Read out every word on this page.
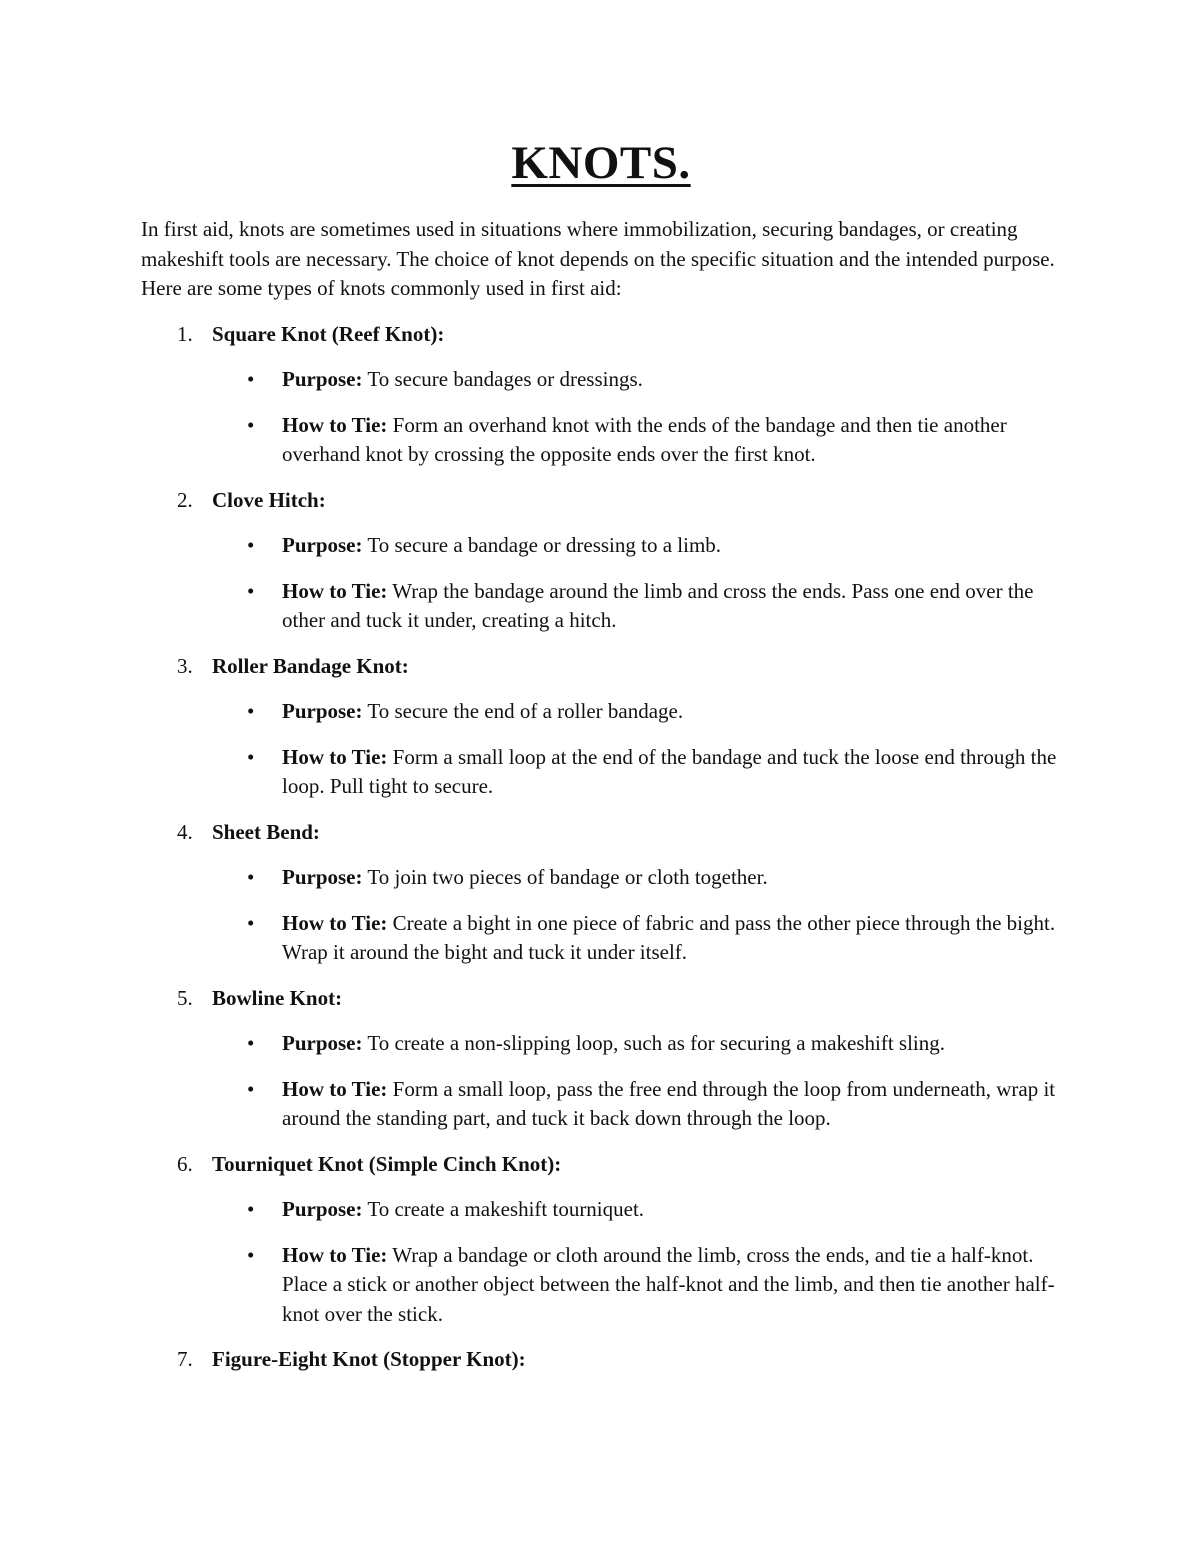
KNOTS.

In first aid, knots are sometimes used in situations where immobilization, securing bandages, or creating makeshift tools are necessary. The choice of knot depends on the specific situation and the intended purpose. Here are some types of knots commonly used in first aid:

1. Square Knot (Reef Knot):
• Purpose: To secure bandages or dressings.
• How to Tie: Form an overhand knot with the ends of the bandage and then tie another overhand knot by crossing the opposite ends over the first knot.
2. Clove Hitch:
• Purpose: To secure a bandage or dressing to a limb.
• How to Tie: Wrap the bandage around the limb and cross the ends. Pass one end over the other and tuck it under, creating a hitch.
3. Roller Bandage Knot:
• Purpose: To secure the end of a roller bandage.
• How to Tie: Form a small loop at the end of the bandage and tuck the loose end through the loop. Pull tight to secure.
4. Sheet Bend:
• Purpose: To join two pieces of bandage or cloth together.
• How to Tie: Create a bight in one piece of fabric and pass the other piece through the bight. Wrap it around the bight and tuck it under itself.
5. Bowline Knot:
• Purpose: To create a non-slipping loop, such as for securing a makeshift sling.
• How to Tie: Form a small loop, pass the free end through the loop from underneath, wrap it around the standing part, and tuck it back down through the loop.
6. Tourniquet Knot (Simple Cinch Knot):
• Purpose: To create a makeshift tourniquet.
• How to Tie: Wrap a bandage or cloth around the limb, cross the ends, and tie a half-knot. Place a stick or another object between the half-knot and the limb, and then tie another half-knot over the stick.
7. Figure-Eight Knot (Stopper Knot):
